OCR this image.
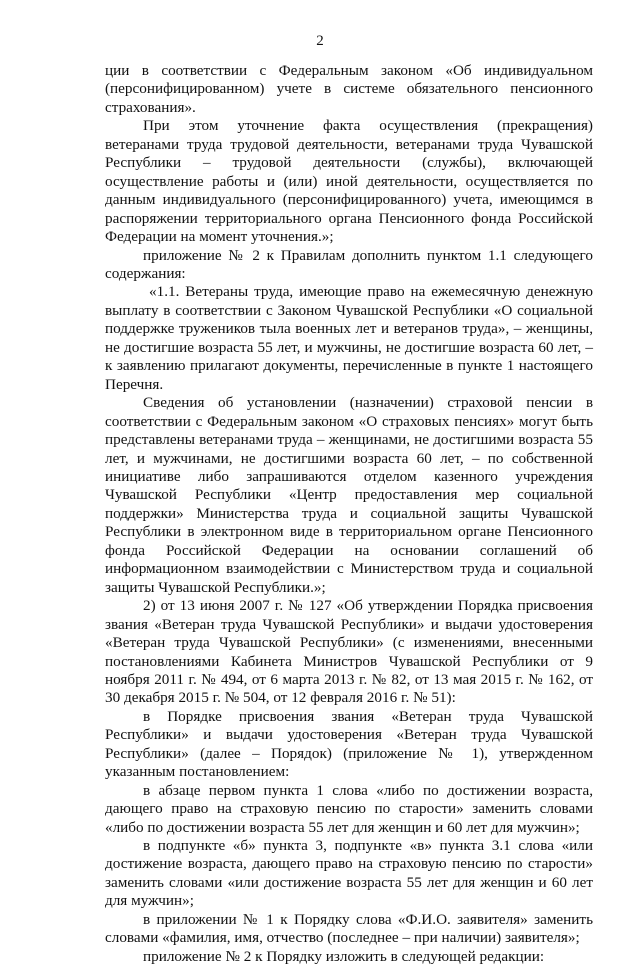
2

ции в соответствии с Федеральным законом «Об индивидуальном (персонифицированном) учете в системе обязательного пенсионного страхования».

При этом уточнение факта осуществления (прекращения) ветеранами труда трудовой деятельности, ветеранами труда Чувашской Республики – трудовой деятельности (службы), включающей осуществление работы и (или) иной деятельности, осуществляется по данным индивидуального (персонифицированного) учета, имеющимся в распоряжении территориального органа Пенсионного фонда Российской Федерации на момент уточнения.»;

приложение № 2 к Правилам дополнить пунктом 1.1 следующего содержания:

«1.1. Ветераны труда, имеющие право на ежемесячную денежную выплату в соответствии с Законом Чувашской Республики «О социальной поддержке тружеников тыла военных лет и ветеранов труда», – женщины, не достигшие возраста 55 лет, и мужчины, не достигшие возраста 60 лет, – к заявлению прилагают документы, перечисленные в пункте 1 настоящего Перечня.

Сведения об установлении (назначении) страховой пенсии в соответствии с Федеральным законом «О страховых пенсиях» могут быть представлены ветеранами труда – женщинами, не достигшими возраста 55 лет, и мужчинами, не достигшими возраста 60 лет, – по собственной инициативе либо запрашиваются отделом казенного учреждения Чувашской Республики «Центр предоставления мер социальной поддержки» Министерства труда и социальной защиты Чувашской Республики в электронном виде в территориальном органе Пенсионного фонда Российской Федерации на основании соглашений об информационном взаимодействии с Министерством труда и социальной защиты Чувашской Республики.»;

2) от 13 июня 2007 г. № 127 «Об утверждении Порядка присвоения звания «Ветеран труда Чувашской Республики» и выдачи удостоверения «Ветеран труда Чувашской Республики» (с изменениями, внесенными постановлениями Кабинета Министров Чувашской Республики от 9 ноября 2011 г. № 494, от 6 марта 2013 г. № 82, от 13 мая 2015 г. № 162, от 30 декабря 2015 г. № 504, от 12 февраля 2016 г. № 51):

в Порядке присвоения звания «Ветеран труда Чувашской Республики» и выдачи удостоверения «Ветеран труда Чувашской Республики» (далее – Порядок) (приложение № 1), утвержденном указанным постановлением:

в абзаце первом пункта 1 слова «либо по достижении возраста, дающего право на страховую пенсию по старости» заменить словами «либо по достижении возраста 55 лет для женщин и 60 лет для мужчин»;

в подпункте «б» пункта 3, подпункте «в» пункта 3.1 слова «или достижение возраста, дающего право на страховую пенсию по старости» заменить словами «или достижение возраста 55 лет для женщин и 60 лет для мужчин»;

в приложении № 1 к Порядку слова «Ф.И.О. заявителя» заменить словами «фамилия, имя, отчество (последнее – при наличии) заявителя»;

приложение № 2 к Порядку изложить в следующей редакции:
